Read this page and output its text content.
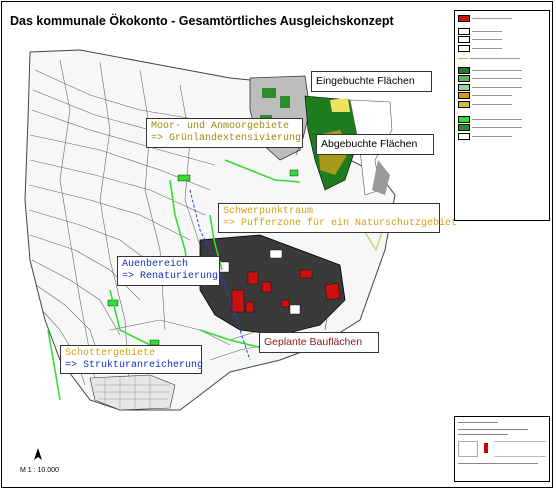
Das kommunale Ökokonto - Gesamtörtliches Ausgleichskonzept
Eingebuchte Flächen
Abgebuchte Flächen
Moor- und Anmoorgebiete
=> Grünlandextensivierung
Schwerpunktraum
=> Pufferzone für ein Naturschutzgebiet
Auenbereich
=> Renaturierung
Geplante Bauflächen
Schottergebiete
=> Strukturanreicherung
M 1 : 10.000
